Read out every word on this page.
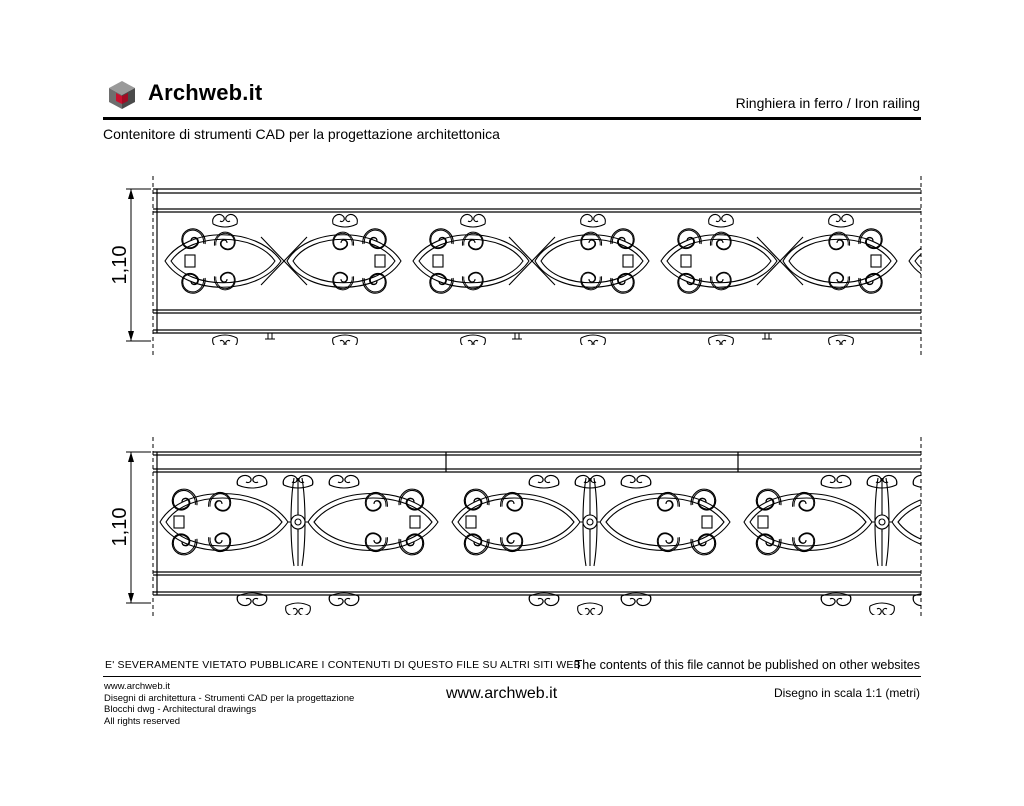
Archweb.it	Ringhiera in ferro / Iron railing
Contenitore di strumenti CAD per la progettazione architettonica
1,10
1,10
E' SEVERAMENTE VIETATO PUBBLICARE I CONTENUTI DI QUESTO FILE SU ALTRI SITI WEB
The contents of this file cannot be published on other websites
www.archweb.it
Disegni di architettura - Strumenti CAD per la progettazione
Blocchi dwg - Architectural drawings
All rights reserved
www.archweb.it	Disegno in scala 1:1 (metri)
